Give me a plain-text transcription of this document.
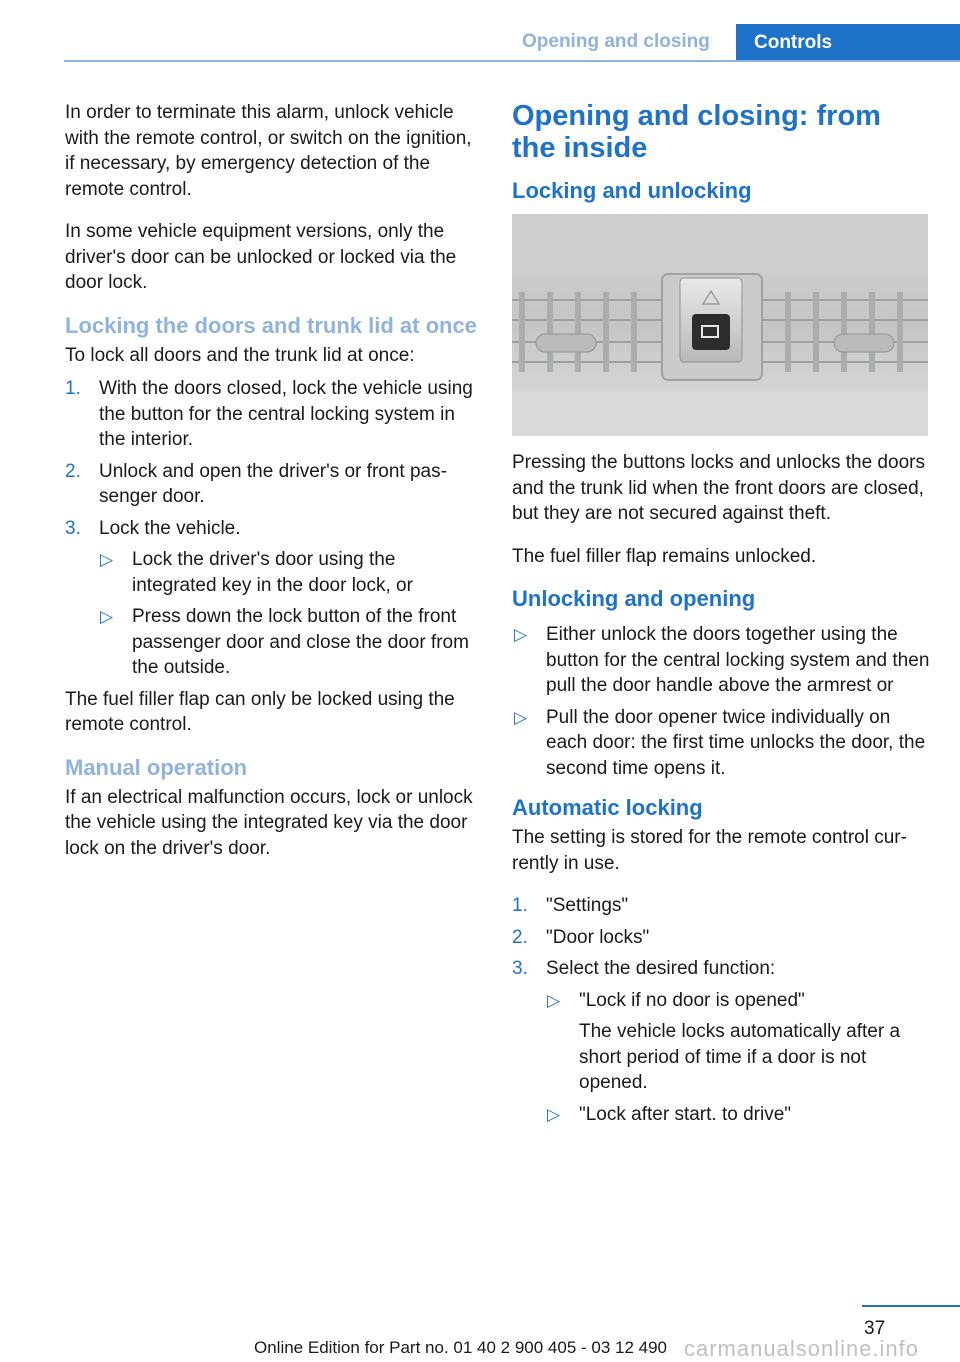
Opening and closing Controls

In order to terminate this alarm, unlock vehicle with the remote control, or switch on the ignition, if necessary, by emergency detection of the remote control.

In some vehicle equipment versions, only the driver's door can be unlocked or locked via the door lock.

Locking the doors and trunk lid at once

To lock all doors and the trunk lid at once:

1. With the doors closed, lock the vehicle using the button for the central locking system in the interior.
2. Unlock and open the driver's or front passenger door.
3. Lock the vehicle.
▷ Lock the driver's door using the integrated key in the door lock, or
▷ Press down the lock button of the front passenger door and close the door from the outside.

The fuel filler flap can only be locked using the remote control.

Manual operation

If an electrical malfunction occurs, lock or unlock the vehicle using the integrated key via the door lock on the driver's door.

Opening and closing: from the inside
Locking and unlocking

Pressing the buttons locks and unlocks the doors and the trunk lid when the front doors are closed, but they are not secured against theft.

The fuel filler flap remains unlocked.

Unlocking and opening
▷ Either unlock the doors together using the button for the central locking system and then pull the door handle above the armrest or
▷ Pull the door opener twice individually on each door: the first time unlocks the door, the second time opens it.
Automatic locking

The setting is stored for the remote control currently in use.

1. "Settings"
2. "Door locks"
3. Select the desired function:
▷ "Lock if no door is opened"
The vehicle locks automatically after a short period of time if a door is not opened.
▷ "Lock after start. to drive"
37
Online Edition for Part no. 01 40 2 900 405 - 03 12 490 carmanualsonline.info
